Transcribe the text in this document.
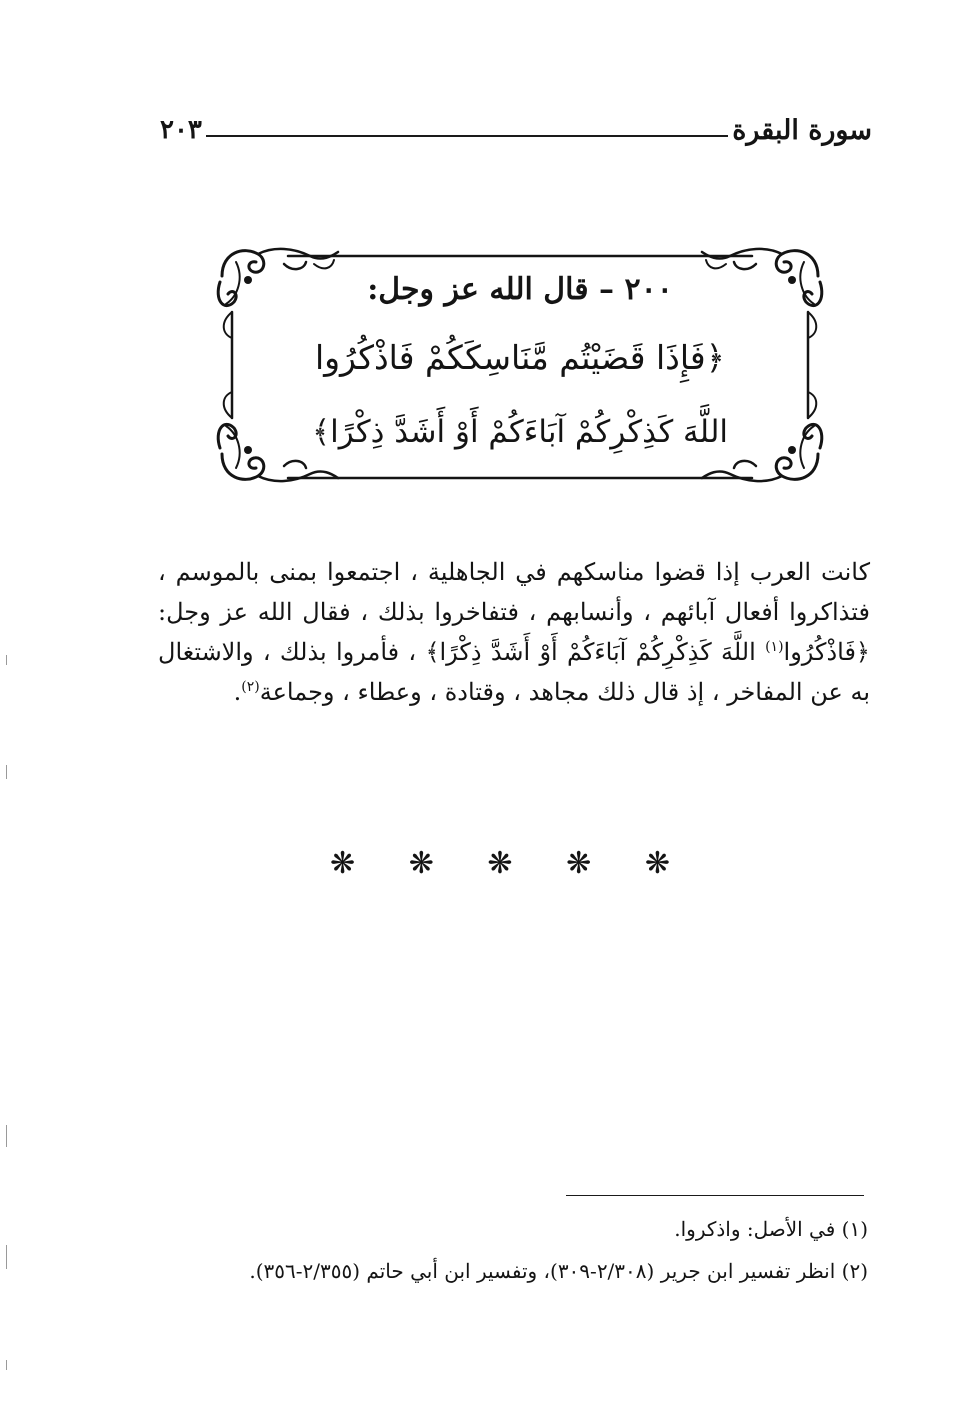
سورة البقرة
٢٠٣
٢٠٠ – قال الله عز وجل:
﴿فَإِذَا قَضَيْتُم مَّنَاسِكَكُمْ فَاذْكُرُوا
اللَّهَ كَذِكْرِكُمْ آبَاءَكُمْ أَوْ أَشَدَّ ذِكْرًا﴾
كانت العرب إذا قضوا مناسكهم في الجاهلية ، اجتمعوا بمنى بالموسم ،
فتذاكروا أفعال آبائهم ، وأنسابهم ، فتفاخروا بذلك ، فقال الله عز وجل:
﴿فَاذْكُرُوا$^{(١)}$ اللَّهَ كَذِكْرِكُمْ آبَاءَكُمْ أَوْ أَشَدَّ ذِكْرًا﴾ ، فأمروا بذلك ، والاشتغال
به عن المفاخر ، إذ قال ذلك مجاهد ، وقتادة ، وعطاء ، وجماعة$^{(٢)}$.
❋ ❋ ❋ ❋ ❋
(١) في الأصل: واذكروا.
(٢) انظر تفسير ابن جرير (٢/٣٠٨-٣٠٩)، وتفسير ابن أبي حاتم (٢/٣٥٥-٣٥٦).
